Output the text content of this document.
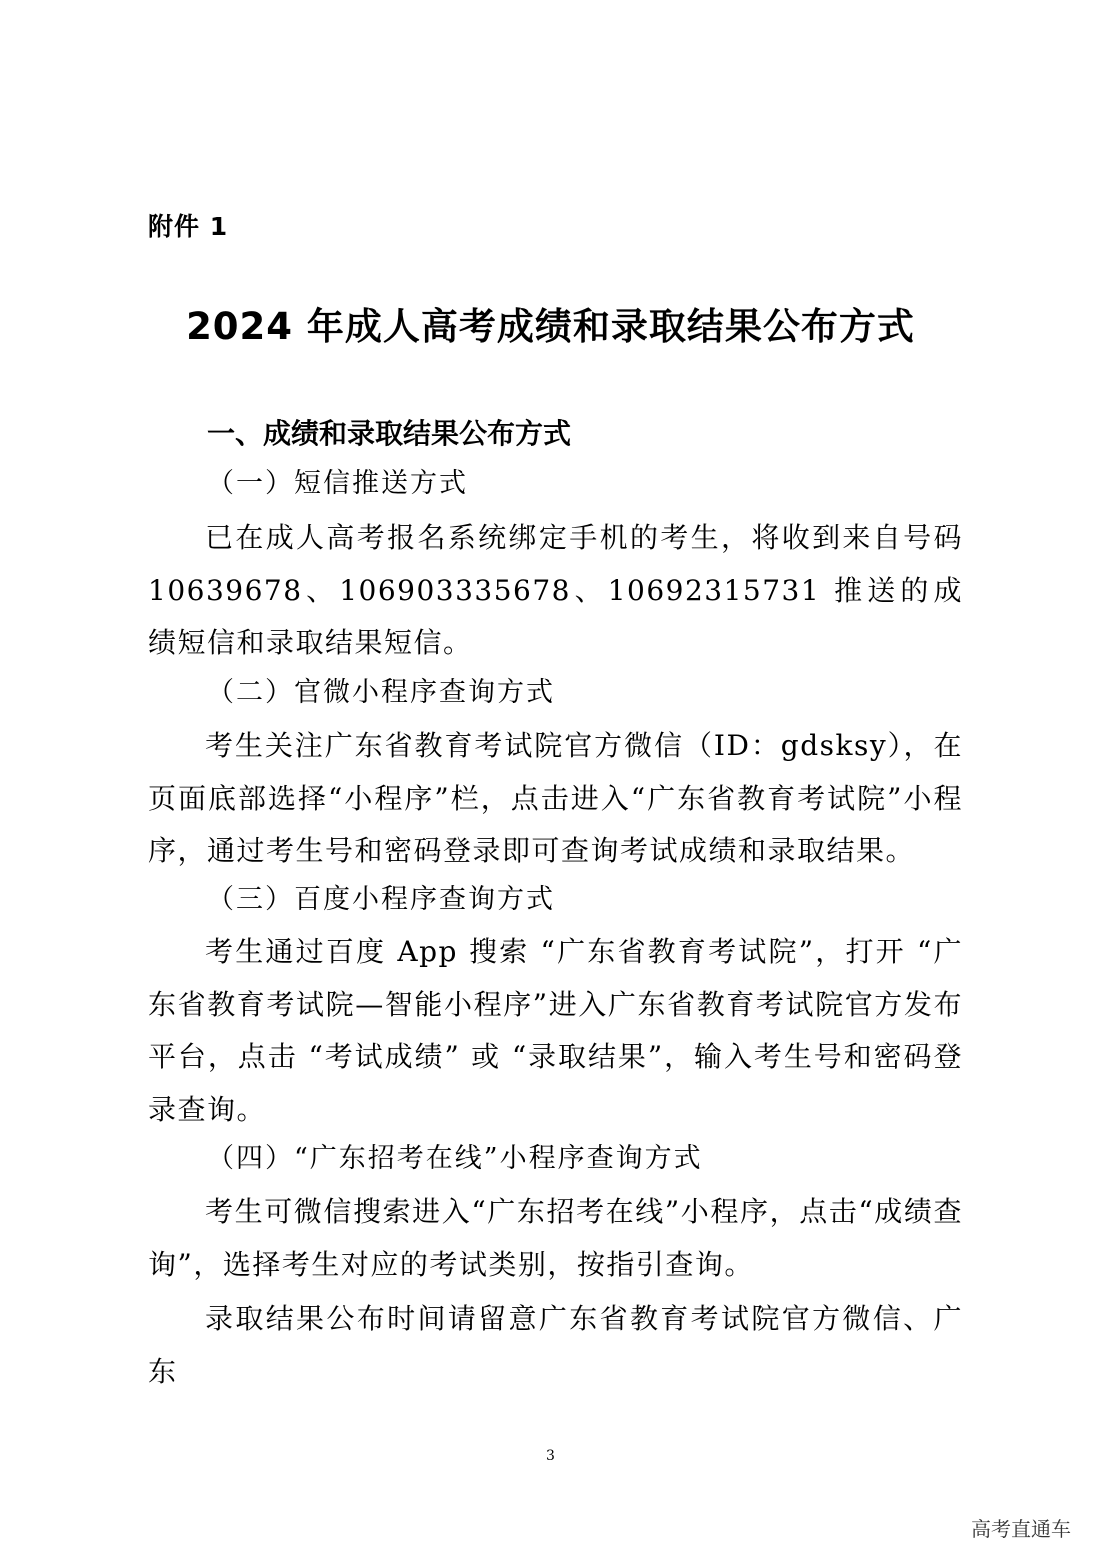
附件 1
2024 年成人高考成绩和录取结果公布方式
一、成绩和录取结果公布方式
（一）短信推送方式
已在成人高考报名系统绑定手机的考生，将收到来自号码 10639678、106903335678、10692315731 推送的成绩短信和录取结果短信。
（二）官微小程序查询方式
考生关注广东省教育考试院官方微信（ID：gdsksy），在页面底部选择“小程序”栏，点击进入“广东省教育考试院”小程序，通过考生号和密码登录即可查询考试成绩和录取结果。
（三）百度小程序查询方式
考生通过百度 App 搜索 “广东省教育考试院”，打开 “广东省教育考试院—智能小程序”进入广东省教育考试院官方发布平台，点击 “考试成绩” 或 “录取结果”，输入考生号和密码登录查询。
（四）“广东招考在线”小程序查询方式
考生可微信搜索进入“广东招考在线”小程序，点击“成绩查询”，选择考生对应的考试类别，按指引查询。
录取结果公布时间请留意广东省教育考试院官方微信、广东
3
高考直通车
